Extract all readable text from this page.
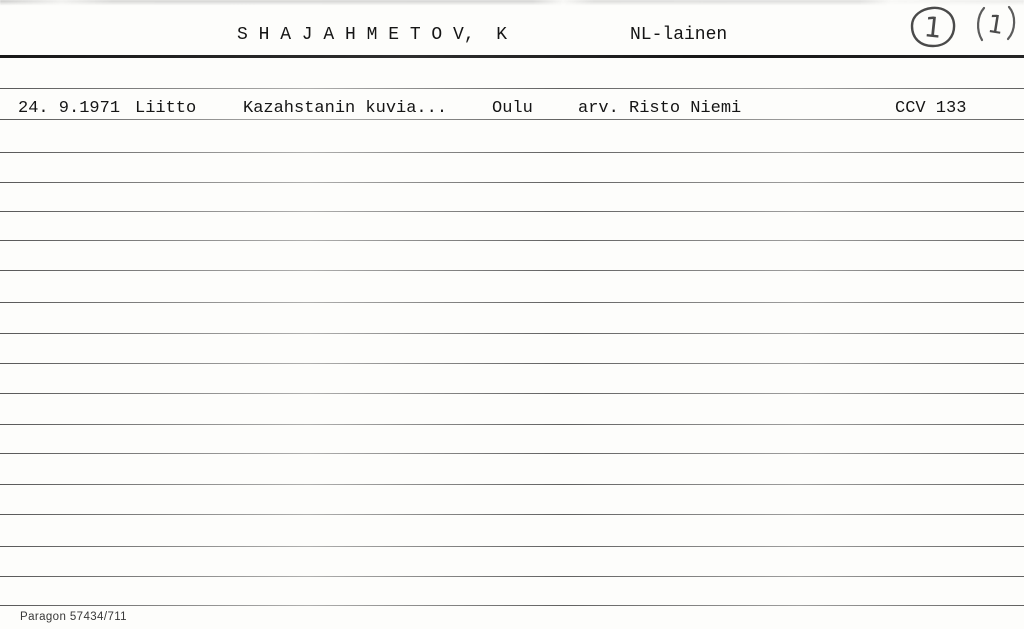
S H A J A H M E T O V,  K	NL-lainen	1 1
24. 9.1971 Liitto	Kazahstanin kuvia...	Oulu	arv. Risto Niemi	CCV 133
Paragon 57434/711
